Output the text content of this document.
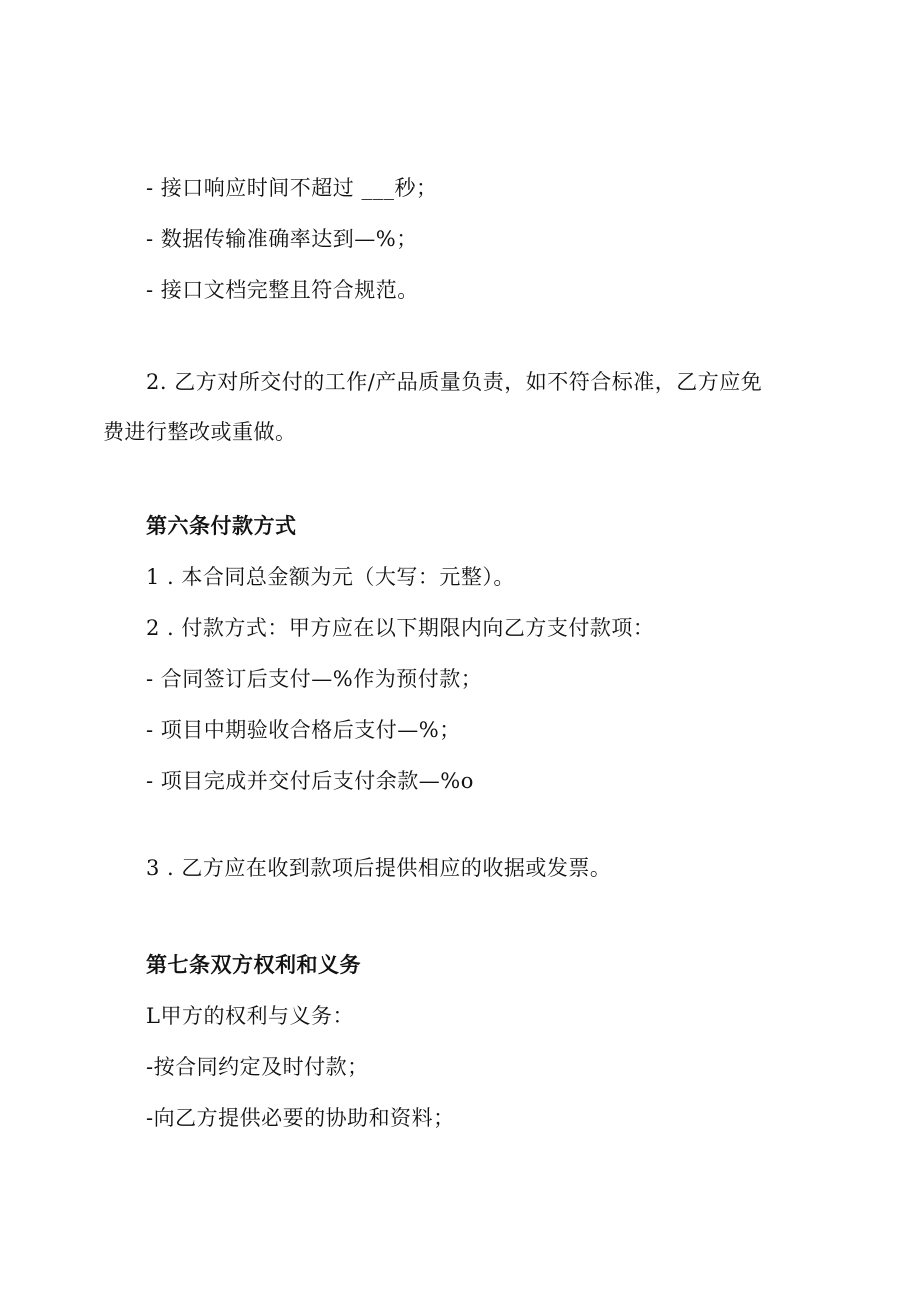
- 接口响应时间不超过 ___秒；
- 数据传输准确率达到—%；
- 接口文档完整且符合规范。
2. 乙方对所交付的工作/产品质量负责，如不符合标准，乙方应免费进行整改或重做。
第六条付款方式
1 . 本合同总金额为元（大写：元整）。
2 . 付款方式：甲方应在以下期限内向乙方支付款项：
- 合同签订后支付—%作为预付款；
- 项目中期验收合格后支付—%；
- 项目完成并交付后支付余款—%o
3 . 乙方应在收到款项后提供相应的收据或发票。
第七条双方权利和义务
L甲方的权利与义务：
-按合同约定及时付款；
-向乙方提供必要的协助和资料；
